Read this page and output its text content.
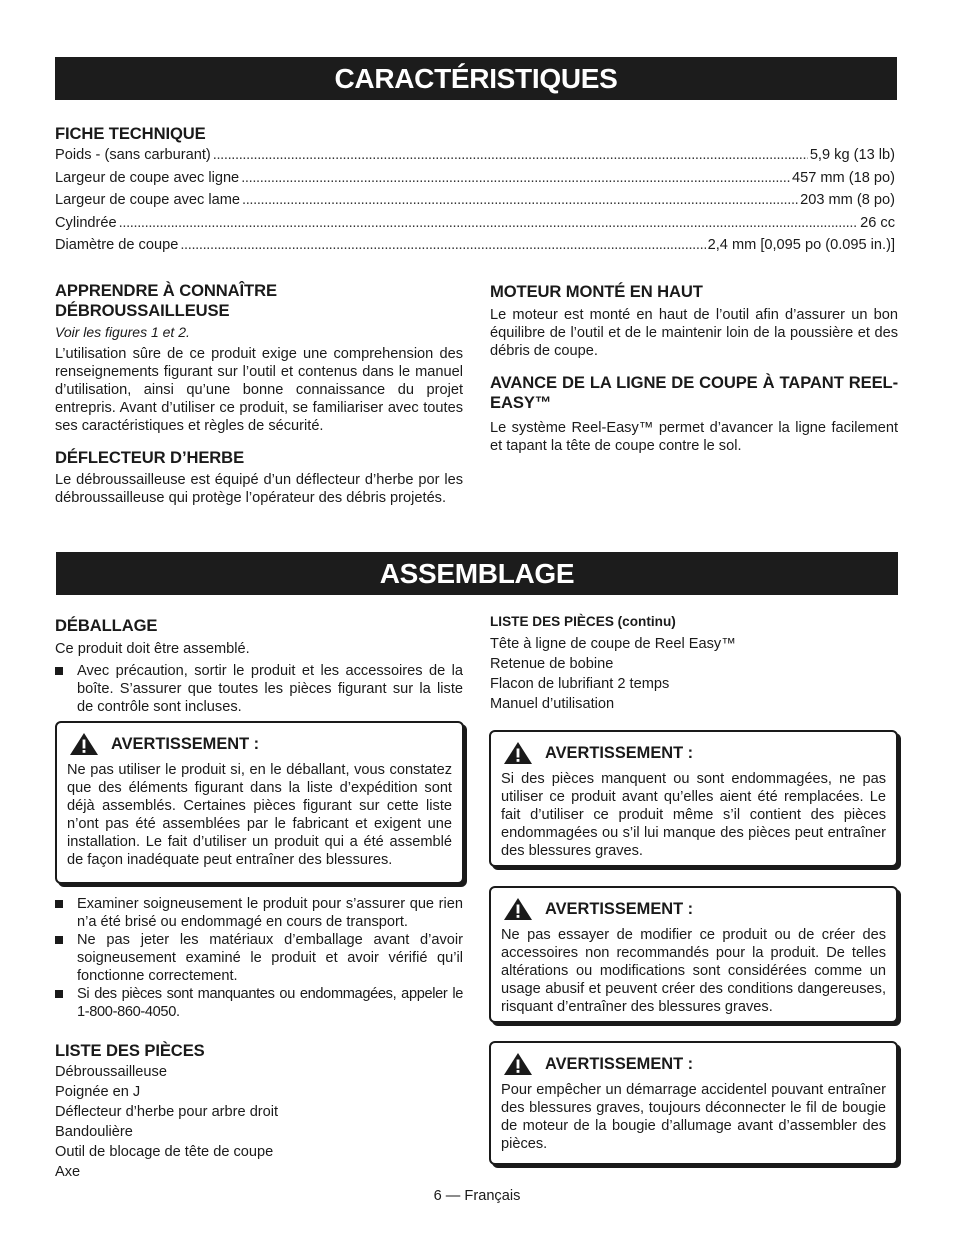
CARACTÉRISTIQUES
FICHE TECHNIQUE
Poids - (sans carburant) . . .	5,9 kg (13 lb)
Largeur de coupe avec ligne . . .	457 mm (18 po)
Largeur de coupe avec lame . . .	203 mm (8 po)
Cylindrée . . .	26 cc
Diamètre de coupe . . .	2,4 mm [0,095 po (0.095 in.)]
APPRENDRE À CONNAÎTRE
DÉBROUSSAILLEUSE
Voir les figures 1 et 2.
L’utilisation sûre de ce produit exige une comprehension des renseignements figurant sur l’outil et contenus dans le manuel d’utilisation, ainsi qu’une bonne connaissance du projet entrepris. Avant d’utiliser ce produit, se familiariser avec toutes ses caractéristiques et règles de sécurité.
DÉFLECTEUR D’HERBE
Le débroussailleuse est équipé d’un déflecteur d’herbe por les débroussailleuse qui protège l’opérateur des débris projetés.
MOTEUR MONTÉ EN HAUT
Le moteur est monté en haut de l’outil afin d’assurer un bon équilibre de l’outil et de le maintenir loin de la poussière et des débris de coupe.
AVANCE DE LA LIGNE DE COUPE À TAPANT REEL-EASY™
Le système Reel-Easy™ permet d’avancer la ligne facilement et tapant la tête de coupe contre le sol.
ASSEMBLAGE
DÉBALLAGE
Ce produit doit être assemblé.
Avec précaution, sortir le produit et les accessoires de la boîte. S’assurer que toutes les pièces figurant sur la liste de contrôle sont incluses.
AVERTISSEMENT :
Ne pas utiliser le produit si, en le déballant, vous constatez que des éléments figurant dans la liste d’expédition sont déjà assemblés. Certaines pièces figurant sur cette liste n’ont pas été assemblées par le fabricant et exigent une installation. Le fait d’utiliser un produit qui a été assemblé de façon inadéquate peut entraîner des blessures.
Examiner soigneusement le produit pour s’assurer que rien n’a été brisé ou endommagé en cours de transport.
Ne pas jeter les matériaux d’emballage avant d’avoir soigneusement examiné le produit et avoir vérifié qu’il fonctionne correctement.
Si des pièces sont manquantes ou endommagées, appeler le 1-800-860-4050.
LISTE DES PIÈCES
Débroussailleuse
Poignée en J
Déflecteur d’herbe pour arbre droit
Bandoulière
Outil de blocage de tête de coupe
Axe
LISTE DES PIÈCES (continu)
Tête à ligne de coupe de Reel Easy™
Retenue de bobine
Flacon de lubrifiant 2 temps
Manuel d’utilisation
AVERTISSEMENT :
Si des pièces manquent ou sont endommagées, ne pas utiliser ce produit avant qu’elles aient été remplacées. Le fait d’utiliser ce produit même s’il contient des pièces endommagées ou s’il lui manque des pièces peut entraîner des blessures graves.
AVERTISSEMENT :
Ne pas essayer de modifier ce produit ou de créer des accessoires non recommandés pour la produit. De telles altérations ou modifications sont considérées comme un usage abusif et peuvent créer des conditions dangereuses, risquant d’entraîner des blessures graves.
AVERTISSEMENT :
Pour empêcher un démarrage accidentel pouvant entraîner des blessures graves, toujours déconnecter le fil de bougie de moteur de la bougie d’allumage avant d’assembler des pièces.
6 — Français
